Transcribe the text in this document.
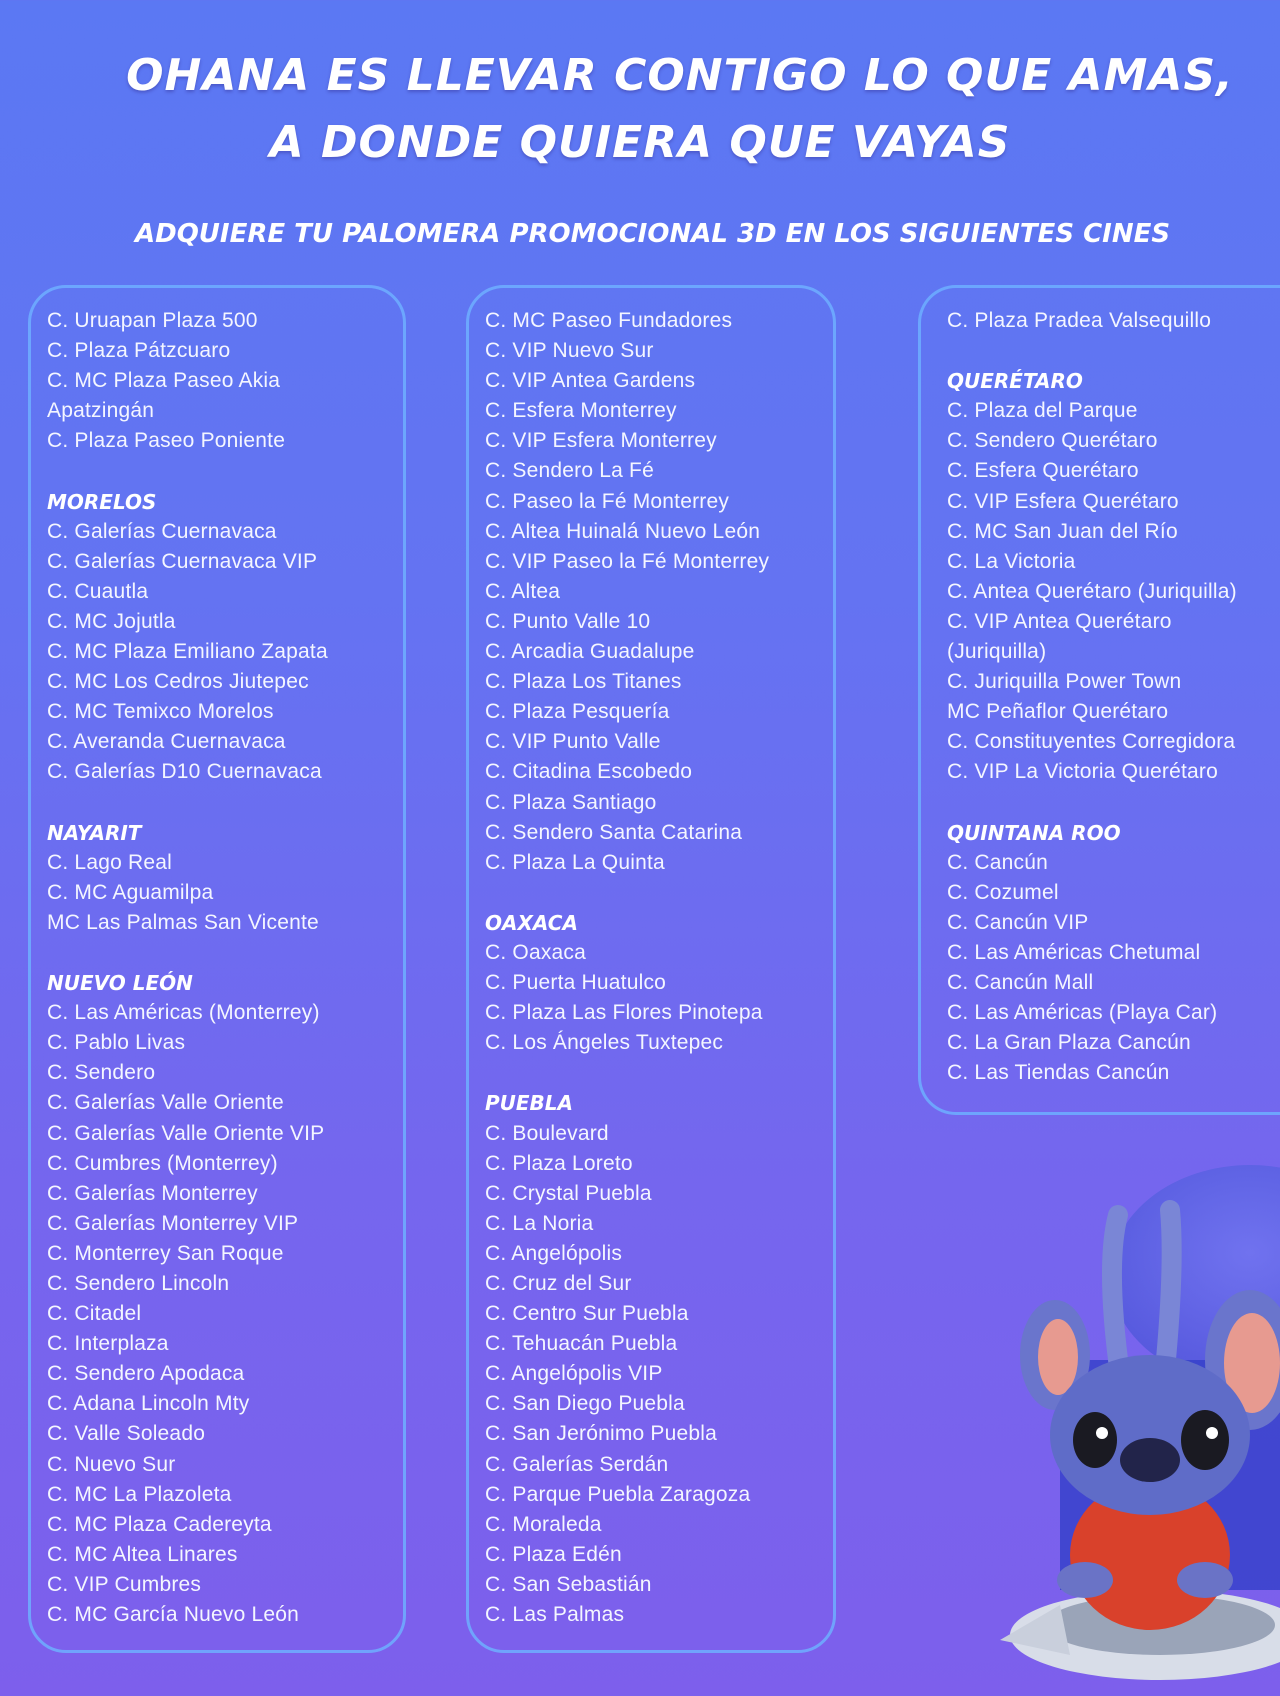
OHANA ES LLEVAR CONTIGO LO QUE AMAS,
A DONDE QUIERA QUE VAYAS
ADQUIERE TU PALOMERA PROMOCIONAL 3D EN LOS SIGUIENTES CINES
C. Uruapan Plaza 500
C. Plaza Pátzcuaro
C. MC Plaza Paseo Akia
Apatzingán
C. Plaza Paseo Poniente
MORELOS
C. Galerías Cuernavaca
C. Galerías Cuernavaca VIP
C. Cuautla
C. MC Jojutla
C. MC Plaza Emiliano Zapata
C. MC Los Cedros Jiutepec
C. MC Temixco Morelos
C. Averanda Cuernavaca
C. Galerías D10 Cuernavaca
NAYARIT
C. Lago Real
C. MC Aguamilpa
MC Las Palmas San Vicente
NUEVO LEÓN
C. Las Américas (Monterrey)
C. Pablo Livas
C. Sendero
C. Galerías Valle Oriente
C. Galerías Valle Oriente VIP
C. Cumbres (Monterrey)
C. Galerías Monterrey
C. Galerías Monterrey VIP
C. Monterrey San Roque
C. Sendero Lincoln
C. Citadel
C. Interplaza
C. Sendero Apodaca
C. Adana Lincoln Mty
C. Valle Soleado
C. Nuevo Sur
C. MC La Plazoleta
C. MC Plaza Cadereyta
C. MC Altea Linares
C. VIP Cumbres
C. MC García Nuevo León
C. MC Paseo Fundadores
C. VIP Nuevo Sur
C. VIP Antea Gardens
C. Esfera Monterrey
C. VIP Esfera Monterrey
C. Sendero La Fé
C. Paseo la Fé Monterrey
C. Altea Huinalá Nuevo León
C. VIP Paseo la Fé Monterrey
C. Altea
C. Punto Valle 10
C. Arcadia Guadalupe
C. Plaza Los Titanes
C. Plaza Pesquería
C. VIP Punto Valle
C. Citadina Escobedo
C. Plaza Santiago
C. Sendero Santa Catarina
C. Plaza La Quinta
OAXACA
C. Oaxaca
C. Puerta Huatulco
C. Plaza Las Flores Pinotepa
C. Los Ángeles Tuxtepec
PUEBLA
C. Boulevard
C. Plaza Loreto
C. Crystal Puebla
C. La Noria
C. Angelópolis
C. Cruz del Sur
C. Centro Sur Puebla
C. Tehuacán Puebla
C. Angelópolis VIP
C. San Diego Puebla
C. San Jerónimo Puebla
C. Galerías Serdán
C. Parque Puebla Zaragoza
C. Moraleda
C. Plaza Edén
C. San Sebastián
C. Las Palmas
C. Plaza Pradea Valsequillo
QUERÉTARO
C. Plaza del Parque
C. Sendero Querétaro
C. Esfera Querétaro
C. VIP Esfera Querétaro
C. MC San Juan del Río
C. La Victoria
C. Antea Querétaro (Juriquilla)
C. VIP Antea Querétaro
(Juriquilla)
C. Juriquilla Power Town
MC Peñaflor Querétaro
C. Constituyentes Corregidora
C. VIP La Victoria Querétaro
QUINTANA ROO
C. Cancún
C. Cozumel
C. Cancún VIP
C. Las Américas Chetumal
C. Cancún Mall
C. Las Américas (Playa Car)
C. La Gran Plaza Cancún
C. Las Tiendas Cancún
